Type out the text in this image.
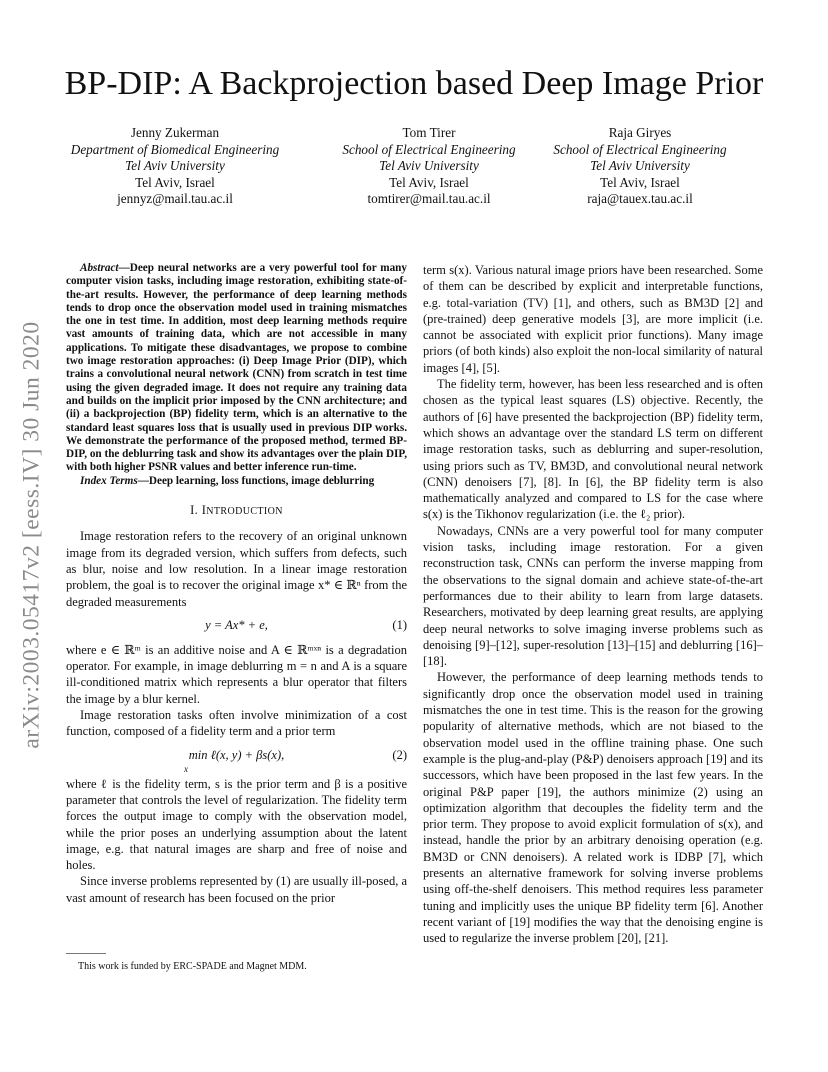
BP-DIP: A Backprojection based Deep Image Prior
Jenny Zukerman
Department of Biomedical Engineering
Tel Aviv University
Tel Aviv, Israel
jennyz@mail.tau.ac.il
Tom Tirer
School of Electrical Engineering
Tel Aviv University
Tel Aviv, Israel
tomtirer@mail.tau.ac.il
Raja Giryes
School of Electrical Engineering
Tel Aviv University
Tel Aviv, Israel
raja@tauex.tau.ac.il
arXiv:2003.05417v2 [eess.IV] 30 Jun 2020

Abstract—Deep neural networks are a very powerful tool for many computer vision tasks, including image restoration, exhibiting state-of-the-art results. However, the performance of deep learning methods tends to drop once the observation model used in training mismatches the one in test time. In addition, most deep learning methods require vast amounts of training data, which are not accessible in many applications. To mitigate these disadvantages, we propose to combine two image restoration approaches: (i) Deep Image Prior (DIP), which trains a convolutional neural network (CNN) from scratch in test time using the given degraded image. It does not require any training data and builds on the implicit prior imposed by the CNN architecture; and (ii) a backprojection (BP) fidelity term, which is an alternative to the standard least squares loss that is usually used in previous DIP works. We demonstrate the performance of the proposed method, termed BP-DIP, on the deblurring task and show its advantages over the plain DIP, with both higher PSNR values and better inference run-time.

Index Terms—Deep learning, loss functions, image deblurring

I. INTRODUCTION

Image restoration refers to the recovery of an original unknown image from its degraded version, which suffers from defects, such as blur, noise and low resolution. In a linear image restoration problem, the goal is to recover the original image x* ∈ ℝⁿ from the degraded measurements

y = Ax* + e,	(1)

where e ∈ ℝᵐ is an additive noise and A ∈ ℝᵐˣⁿ is a degradation operator. For example, in image deblurring m = n and A is a square ill-conditioned matrix which represents a blur operator that filters the image by a blur kernel.

Image restoration tasks often involve minimization of a cost function, composed of a fidelity term and a prior term

min ℓ(x, y) + βs(x),
x
(2)

where ℓ is the fidelity term, s is the prior term and β is a positive parameter that controls the level of regularization. The fidelity term forces the output image to comply with the observation model, while the prior poses an underlying assumption about the latent image, e.g. that natural images are sharp and free of noise and holes.

Since inverse problems represented by (1) are usually ill-posed, a vast amount of research has been focused on the prior

This work is funded by ERC-SPADE and Magnet MDM.

term s(x). Various natural image priors have been researched. Some of them can be described by explicit and interpretable functions, e.g. total-variation (TV) [1], and others, such as BM3D [2] and (pre-trained) deep generative models [3], are more implicit (i.e. cannot be associated with explicit prior functions). Many image priors (of both kinds) also exploit the non-local similarity of natural images [4], [5].

The fidelity term, however, has been less researched and is often chosen as the typical least squares (LS) objective. Recently, the authors of [6] have presented the backprojection (BP) fidelity term, which shows an advantage over the standard LS term on different image restoration tasks, such as deblurring and super-resolution, using priors such as TV, BM3D, and convolutional neural network (CNN) denoisers [7], [8]. In [6], the BP fidelity term is also mathematically analyzed and compared to LS for the case where s(x) is the Tikhonov regularization (i.e. the ℓ₂ prior).

Nowadays, CNNs are a very powerful tool for many computer vision tasks, including image restoration. For a given reconstruction task, CNNs can perform the inverse mapping from the observations to the signal domain and achieve state-of-the-art performances due to their ability to learn from large datasets. Researchers, motivated by deep learning great results, are applying deep neural networks to solve imaging inverse problems such as denoising [9]–[12], super-resolution [13]–[15] and deblurring [16]–[18].

However, the performance of deep learning methods tends to significantly drop once the observation model used in training mismatches the one in test time. This is the reason for the growing popularity of alternative methods, which are not biased to the observation model used in the offline training phase. One such example is the plug-and-play (P&P) denoisers approach [19] and its successors, which have been proposed in the last few years. In the original P&P paper [19], the authors minimize (2) using an optimization algorithm that decouples the fidelity term and the prior term. They propose to avoid explicit formulation of s(x), and instead, handle the prior by an arbitrary denoising operation (e.g. BM3D or CNN denoisers). A related work is IDBP [7], which presents an alternative framework for solving inverse problems using off-the-shelf denoisers. This method requires less parameter tuning and implicitly uses the unique BP fidelity term [6]. Another recent variant of [19] modifies the way that the denoising engine is used to regularize the inverse problem [20], [21].
